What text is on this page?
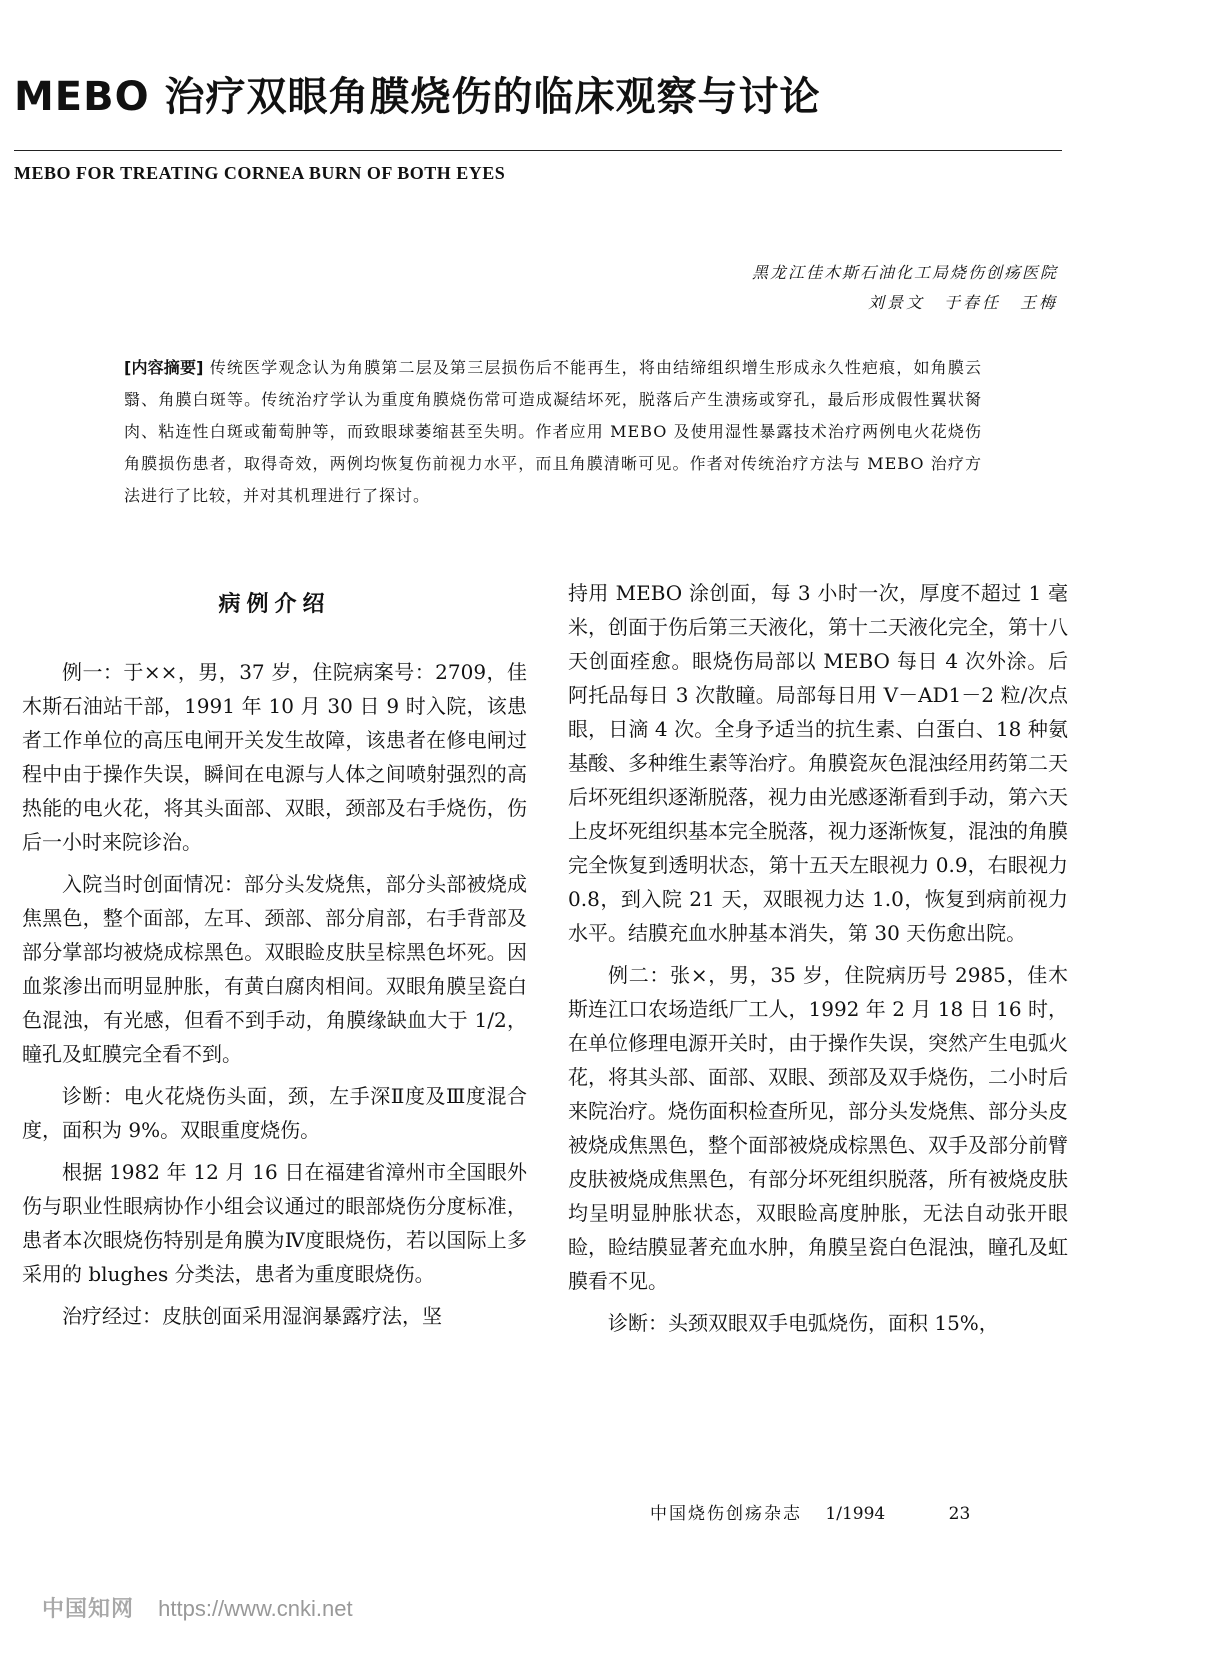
MEBO 治疗双眼角膜烧伤的临床观察与讨论
MEBO FOR TREATING CORNEA BURN OF BOTH EYES
黑龙江佳木斯石油化工局烧伤创疡医院
刘景文　于春任　王梅
[内容摘要] 传统医学观念认为角膜第二层及第三层损伤后不能再生，将由结缔组织增生形成永久性疤痕，如角膜云翳、角膜白斑等。传统治疗学认为重度角膜烧伤常可造成凝结坏死，脱落后产生溃疡或穿孔，最后形成假性翼状胬肉、粘连性白斑或葡萄肿等，而致眼球萎缩甚至失明。作者应用 MEBO 及使用湿性暴露技术治疗两例电火花烧伤角膜损伤患者，取得奇效，两例均恢复伤前视力水平，而且角膜清晰可见。作者对传统治疗方法与 MEBO 治疗方法进行了比较，并对其机理进行了探讨。
病例介绍

例一：于××，男，37 岁，住院病案号：2709，佳木斯石油站干部，1991 年 10 月 30 日 9 时入院，该患者工作单位的高压电闸开关发生故障，该患者在修电闸过程中由于操作失误，瞬间在电源与人体之间喷射强烈的高热能的电火花，将其头面部、双眼，颈部及右手烧伤，伤后一小时来院诊治。

入院当时创面情况：部分头发烧焦，部分头部被烧成焦黑色，整个面部，左耳、颈部、部分肩部，右手背部及部分掌部均被烧成棕黑色。双眼睑皮肤呈棕黑色坏死。因血浆渗出而明显肿胀，有黄白腐肉相间。双眼角膜呈瓷白色混浊，有光感，但看不到手动，角膜缘缺血大于 1/2，瞳孔及虹膜完全看不到。

诊断：电火花烧伤头面，颈，左手深Ⅱ度及Ⅲ度混合度，面积为 9%。双眼重度烧伤。

根据 1982 年 12 月 16 日在福建省漳州市全国眼外伤与职业性眼病协作小组会议通过的眼部烧伤分度标准，患者本次眼烧伤特别是角膜为Ⅳ度眼烧伤，若以国际上多采用的 blughes 分类法，患者为重度眼烧伤。

治疗经过：皮肤创面采用湿润暴露疗法，坚

持用 MEBO 涂创面，每 3 小时一次，厚度不超过 1 毫米，创面于伤后第三天液化，第十二天液化完全，第十八天创面痊愈。眼烧伤局部以 MEBO 每日 4 次外涂。后阿托品每日 3 次散瞳。局部每日用 V－AD1－2 粒/次点眼，日滴 4 次。全身予适当的抗生素、白蛋白、18 种氨基酸、多种维生素等治疗。角膜瓷灰色混浊经用药第二天后坏死组织逐渐脱落，视力由光感逐渐看到手动，第六天上皮坏死组织基本完全脱落，视力逐渐恢复，混浊的角膜完全恢复到透明状态，第十五天左眼视力 0.9，右眼视力 0.8，到入院 21 天，双眼视力达 1.0，恢复到病前视力水平。结膜充血水肿基本消失，第 30 天伤愈出院。

例二：张×，男，35 岁，住院病历号 2985，佳木斯连江口农场造纸厂工人，1992 年 2 月 18 日 16 时，在单位修理电源开关时，由于操作失误，突然产生电弧火花，将其头部、面部、双眼、颈部及双手烧伤，二小时后来院治疗。烧伤面积检查所见，部分头发烧焦、部分头皮被烧成焦黑色，整个面部被烧成棕黑色、双手及部分前臂皮肤被烧成焦黑色，有部分坏死组织脱落，所有被烧皮肤均呈明显肿胀状态，双眼睑高度肿胀，无法自动张开眼睑，睑结膜显著充血水肿，角膜呈瓷白色混浊，瞳孔及虹膜看不见。

诊断：头颈双眼双手电弧烧伤，面积 15%，

中国烧伤创疡杂志 1/1994	23
中国知网 https://www.cnki.net
